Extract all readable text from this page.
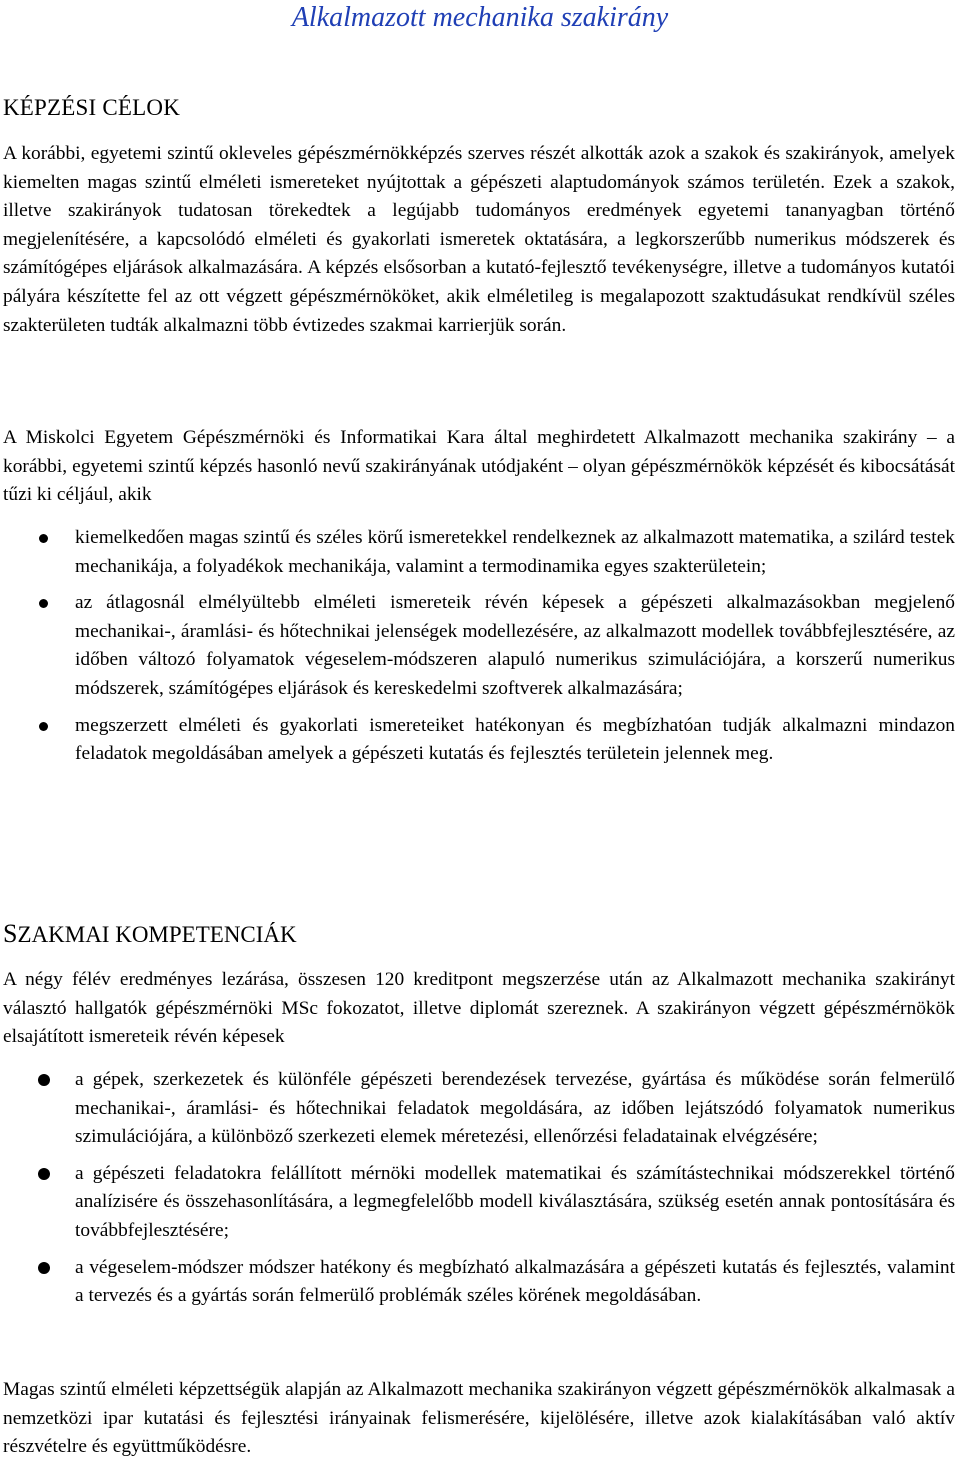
Alkalmazott mechanika szakirány
KÉPZÉSI CÉLOK

A korábbi, egyetemi szintű okleveles gépészmérnökképzés szerves részét alkották azok a szakok és szakirányok, amelyek kiemelten magas szintű elméleti ismereteket nyújtottak a gépészeti alaptudományok számos területén. Ezek a szakok, illetve szakirányok tudatosan törekedtek a legújabb tudományos eredmények egyetemi tananyagban történő megjelenítésére, a kapcsolódó elméleti és gyakorlati ismeretek oktatására, a legkorszerűbb numerikus módszerek és számítógépes eljárások alkalmazására. A képzés elsősorban a kutató-fejlesztő tevékenységre, illetve a tudományos kutatói pályára készítette fel az ott végzett gépészmérnököket, akik elméletileg is megalapozott szaktudásukat rendkívül széles szakterületen tudták alkalmazni több évtizedes szakmai karrierjük során.

A Miskolci Egyetem Gépészmérnöki és Informatikai Kara által meghirdetett Alkalmazott mechanika szakirány – a korábbi, egyetemi szintű képzés hasonló nevű szakirányának utódjaként – olyan gépészmérnökök képzését és kibocsátását tűzi ki céljául, akik

kiemelkedően magas szintű és széles körű ismeretekkel rendelkeznek az alkalmazott matematika, a szilárd testek mechanikája, a folyadékok mechanikája, valamint a termodinamika egyes szakterületein;
az átlagosnál elmélyültebb elméleti ismereteik révén képesek a gépészeti alkalmazásokban megjelenő mechanikai-, áramlási- és hőtechnikai jelenségek modellezésére, az alkalmazott modellek továbbfejlesztésére, az időben változó folyamatok végeselem-módszeren alapuló numerikus szimulációjára, a korszerű numerikus módszerek, számítógépes eljárások és kereskedelmi szoftverek alkalmazására;
megszerzett elméleti és gyakorlati ismereteiket hatékonyan és megbízhatóan tudják alkalmazni mindazon feladatok megoldásában amelyek a gépészeti kutatás és fejlesztés területein jelennek meg.
SZAKMAI KOMPETENCIÁK

A négy félév eredményes lezárása, összesen 120 kreditpont megszerzése után az Alkalmazott mechanika szakirányt választó hallgatók gépészmérnöki MSc fokozatot, illetve diplomát szereznek. A szakirányon végzett gépészmérnökök elsajátított ismereteik révén képesek

a gépek, szerkezetek és különféle gépészeti berendezések tervezése, gyártása és működése során felmerülő mechanikai-, áramlási- és hőtechnikai feladatok megoldására, az időben lejátszódó folyamatok numerikus szimulációjára, a különböző szerkezeti elemek méretezési, ellenőrzési feladatainak elvégzésére;
a gépészeti feladatokra felállított mérnöki modellek matematikai és számítástechnikai módszerekkel történő analízisére és összehasonlítására, a legmegfelelőbb modell kiválasztására, szükség esetén annak pontosítására és továbbfejlesztésére;
a végeselem-módszer módszer hatékony és megbízható alkalmazására a gépészeti kutatás és fejlesztés, valamint a tervezés és a gyártás során felmerülő problémák széles körének megoldásában.

Magas szintű elméleti képzettségük alapján az Alkalmazott mechanika szakirányon végzett gépészmérnökök alkalmasak a nemzetközi ipar kutatási és fejlesztési irányainak felismerésére, kijelölésére, illetve azok kialakításában való aktív részvételre és együttműködésre.
